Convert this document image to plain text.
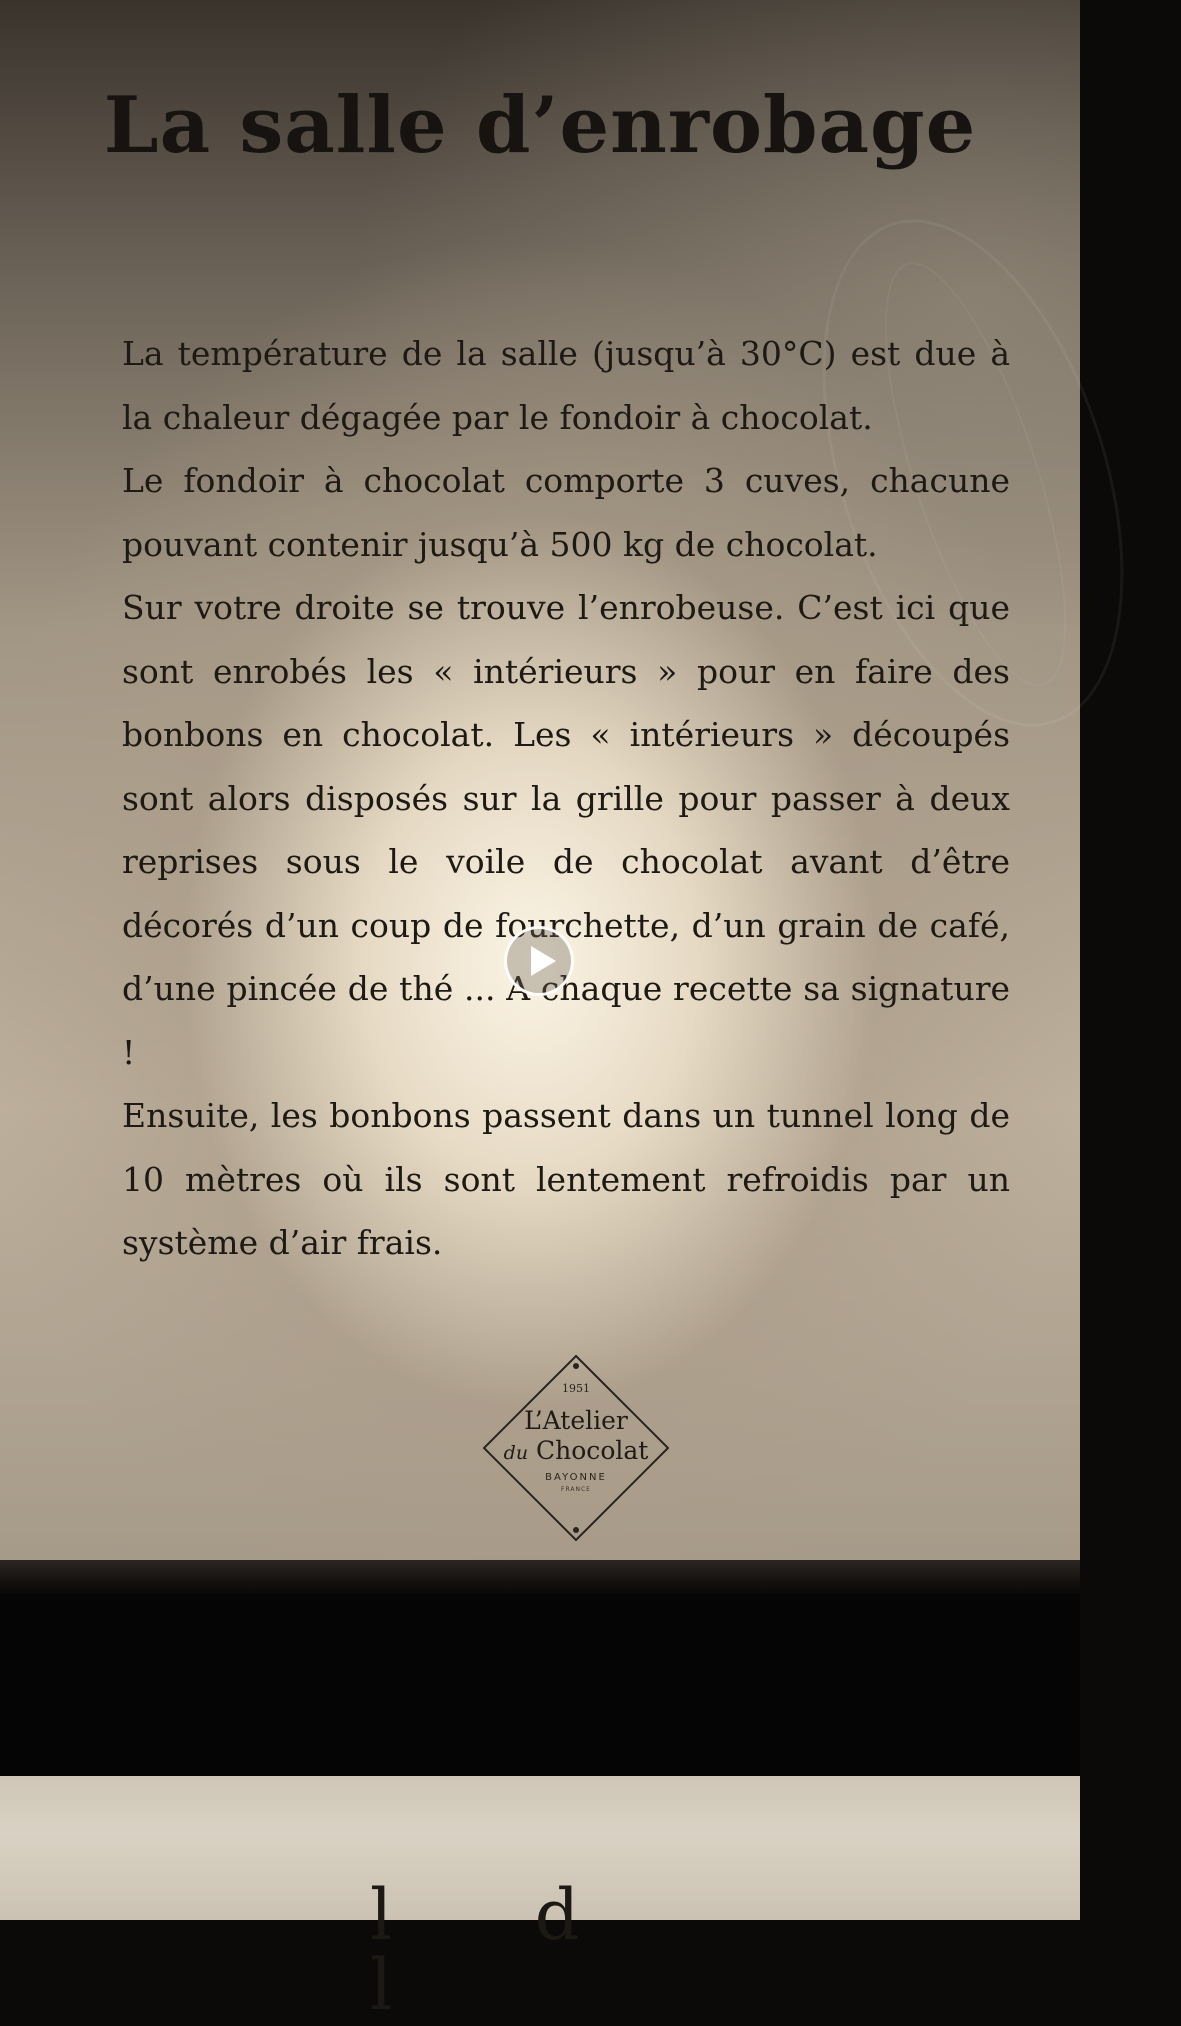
La salle d’enrobage

La température de la salle (jusqu’à 30°C) est due à la chaleur dégagée par le fondoir à chocolat.

Le fondoir à chocolat comporte 3 cuves, chacune pouvant contenir jusqu’à 500 kg de chocolat.

Sur votre droite se trouve l’enrobeuse. C’est ici que sont enrobés les « intérieurs » pour en faire des bonbons en chocolat. Les « intérieurs » découpés sont alors disposés sur la grille pour passer à deux reprises sous le voile de chocolat avant d’être décorés d’un coup de fourchette, d’un grain de café, d’une pincée de thé ... A chaque recette sa signature !

Ensuite, les bonbons passent dans un tunnel long de 10 mètres où ils sont lentement refroidis par un système d’air frais.

1951
L’Atelier
du Chocolat
BAYONNE
FRANCE
l d l
